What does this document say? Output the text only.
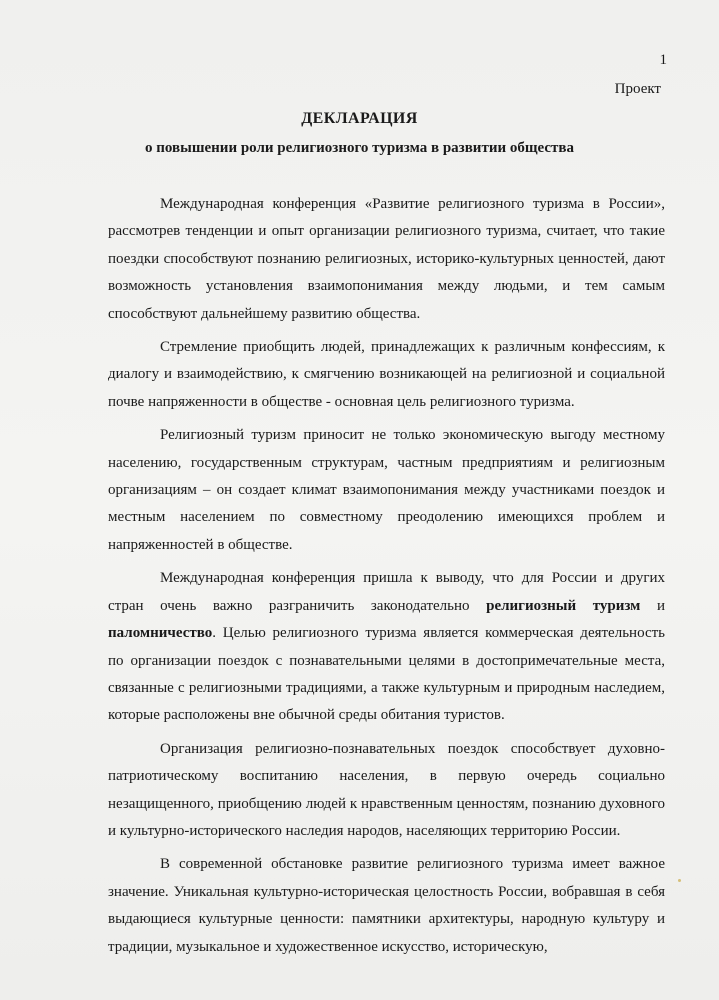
1
Проект
ДЕКЛАРАЦИЯ
о повышении роли религиозного туризма в развитии общества

Международная конференция «Развитие религиозного туризма в России», рассмотрев тенденции и опыт организации религиозного туризма, считает, что такие поездки способствуют познанию религиозных, историко-культурных ценностей, дают возможность установления взаимопонимания между людьми, и тем самым способствуют дальнейшему развитию общества.

Стремление приобщить людей, принадлежащих к различным конфессиям, к диалогу и взаимодействию, к смягчению возникающей на религиозной и социальной почве напряженности в обществе - основная цель религиозного туризма.

Религиозный туризм приносит не только экономическую выгоду местному населению, государственным структурам, частным предприятиям и религиозным организациям – он создает климат взаимопонимания между участниками поездок и местным населением по совместному преодолению имеющихся проблем и напряженностей в обществе.

Международная конференция пришла к выводу, что для России и других стран очень важно разграничить законодательно религиозный туризм и паломничество. Целью религиозного туризма является коммерческая деятельность по организации поездок с познавательными целями в достопримечательные места, связанные с религиозными традициями, а также культурным и природным наследием, которые расположены вне обычной среды обитания туристов.

Организация религиозно-познавательных поездок способствует духовно-патриотическому воспитанию населения, в первую очередь социально незащищенного, приобщению людей к нравственным ценностям, познанию духовного и культурно-исторического наследия народов, населяющих территорию России.

В современной обстановке развитие религиозного туризма имеет важное значение. Уникальная культурно-историческая целостность России, вобравшая в себя выдающиеся культурные ценности: памятники архитектуры, народную культуру и традиции, музыкальное и художественное искусство, историческую,
